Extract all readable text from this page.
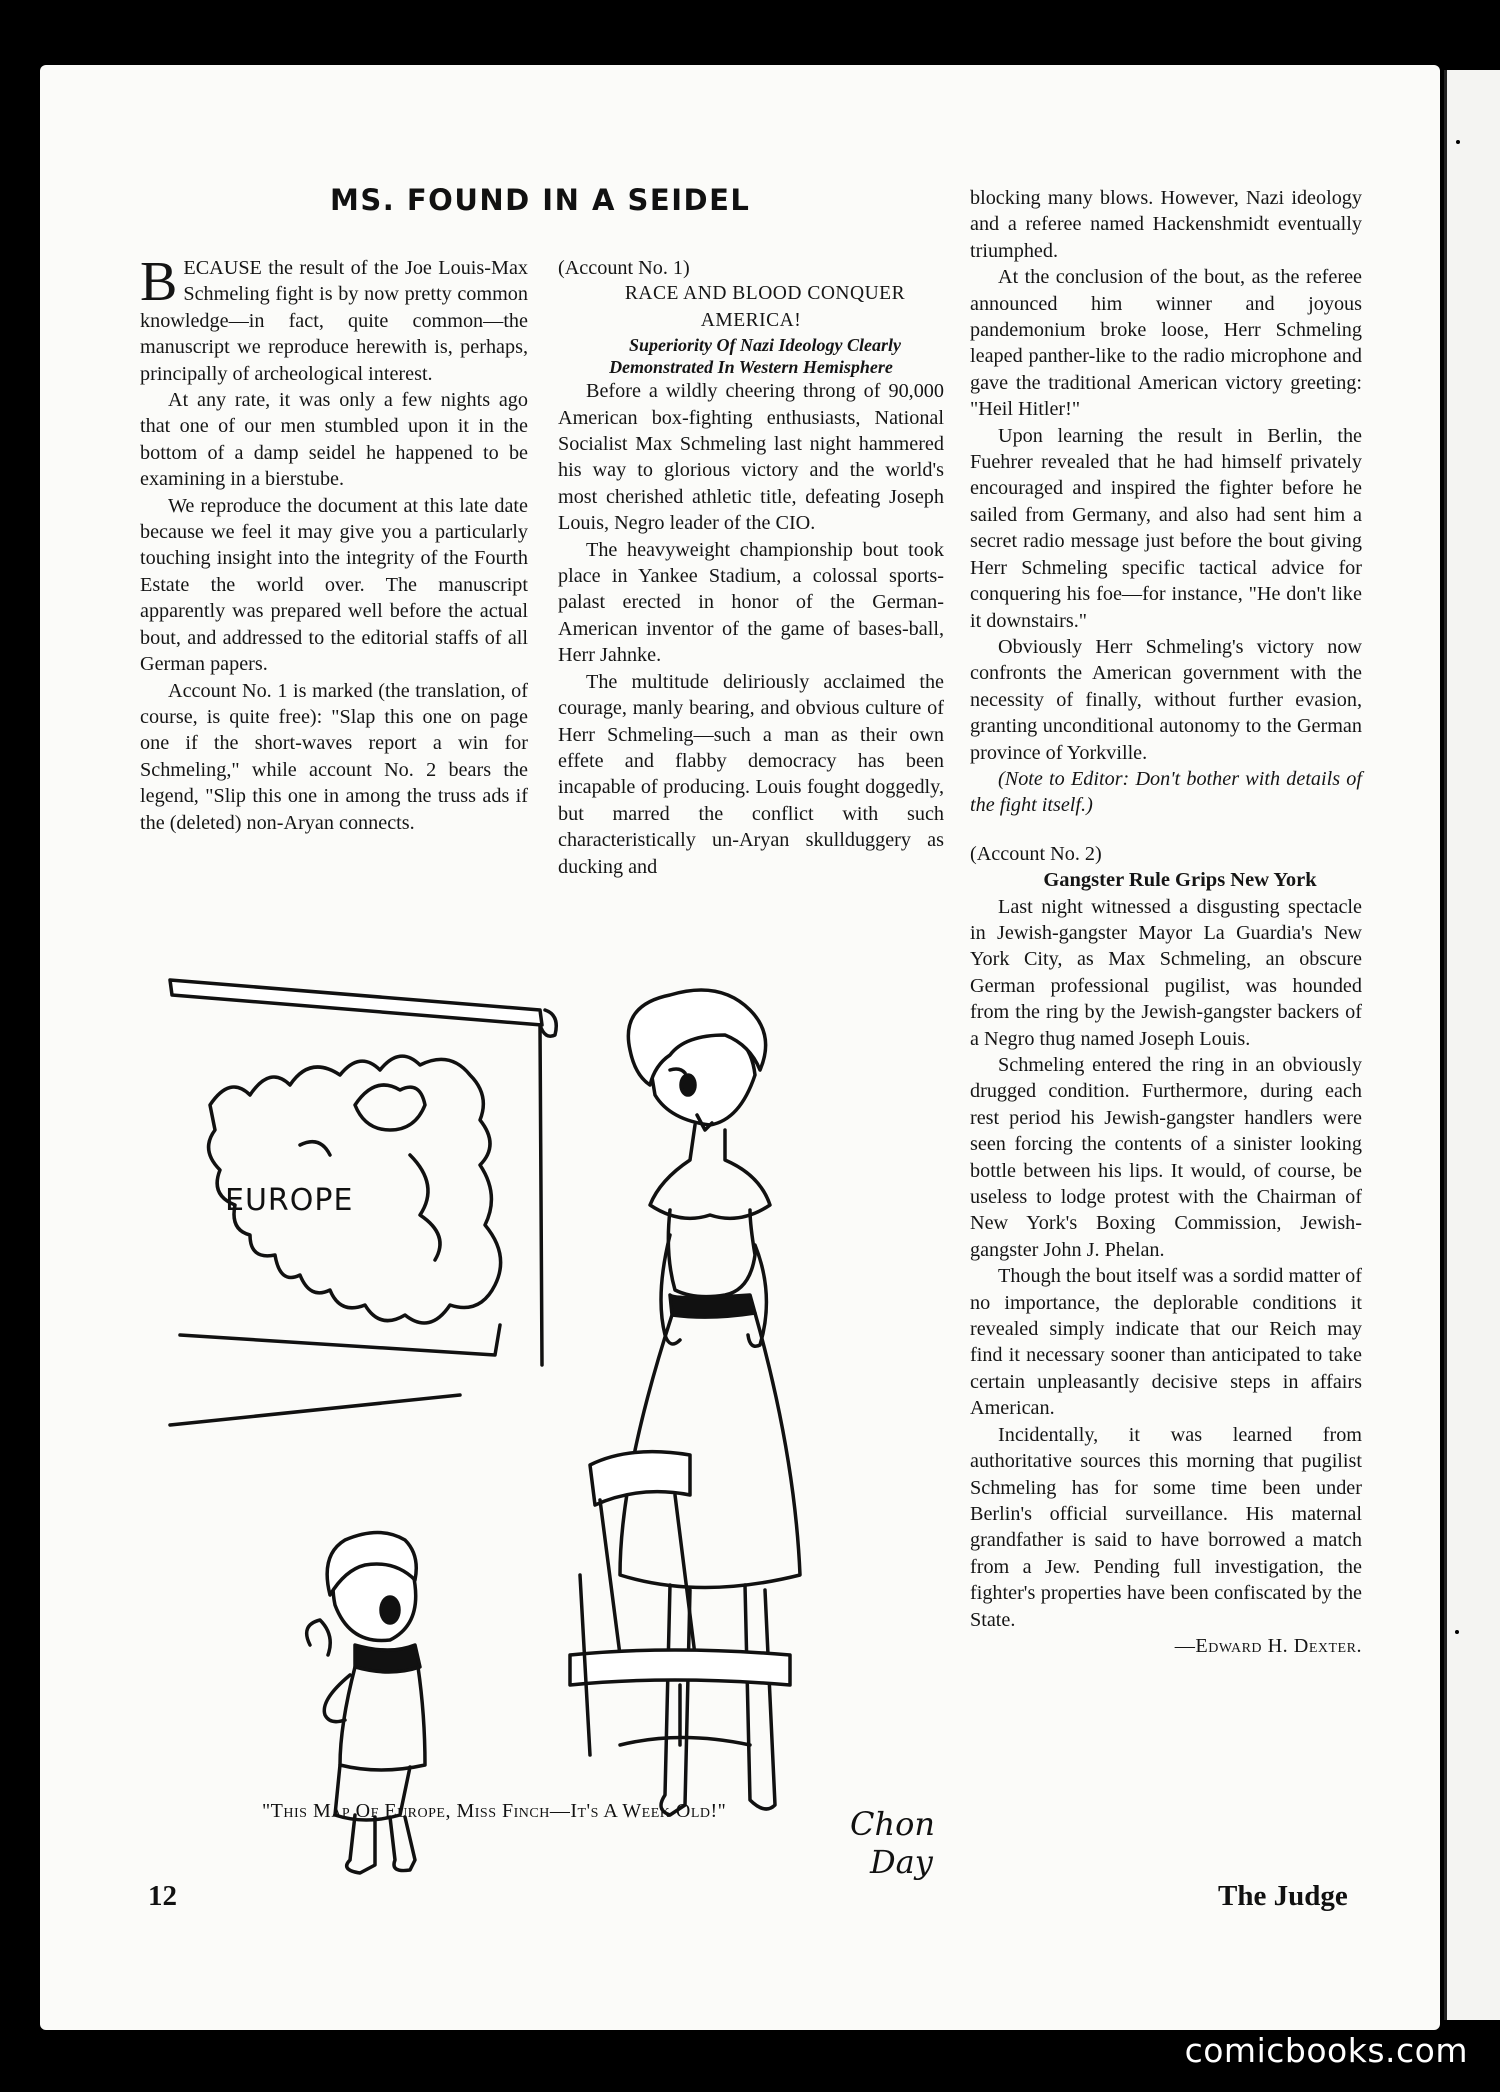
MS. FOUND IN A SEIDEL

BECAUSE the result of the Joe Louis-Max Schmeling fight is by now pretty common knowledge—in fact, quite common—the manuscript we reproduce herewith is, perhaps, principally of archeological interest.

At any rate, it was only a few nights ago that one of our men stumbled upon it in the bottom of a damp seidel he happened to be examining in a bierstube.

We reproduce the document at this late date because we feel it may give you a particularly touching insight into the integrity of the Fourth Estate the world over. The manuscript apparently was prepared well before the actual bout, and addressed to the editorial staffs of all German papers.

Account No. 1 is marked (the translation, of course, is quite free): "Slap this one on page one if the short-waves report a win for Schmeling," while account No. 2 bears the legend, "Slip this one in among the truss ads if the (deleted) non-Aryan connects.

(Account No. 1)

RACE AND BLOOD CONQUER AMERICA!

Superiority Of Nazi Ideology Clearly Demonstrated In Western Hemisphere

Before a wildly cheering throng of 90,000 American box-fighting enthusiasts, National Socialist Max Schmeling last night hammered his way to glorious victory and the world's most cherished athletic title, defeating Joseph Louis, Negro leader of the CIO.

The heavyweight championship bout took place in Yankee Stadium, a colossal sports-palast erected in honor of the German-American inventor of the game of bases-ball, Herr Jahnke.

The multitude deliriously acclaimed the courage, manly bearing, and obvious culture of Herr Schmeling—such a man as their own effete and flabby democracy has been incapable of producing. Louis fought doggedly, but marred the conflict with such characteristically un-Aryan skullduggery as ducking and

blocking many blows. However, Nazi ideology and a referee named Hackenshmidt eventually triumphed.

At the conclusion of the bout, as the referee announced him winner and joyous pandemonium broke loose, Herr Schmeling leaped panther-like to the radio microphone and gave the traditional American victory greeting: "Heil Hitler!"

Upon learning the result in Berlin, the Fuehrer revealed that he had himself privately encouraged and inspired the fighter before he sailed from Germany, and also had sent him a secret radio message just before the bout giving Herr Schmeling specific tactical advice for conquering his foe—for instance, "He don't like it downstairs."

Obviously Herr Schmeling's victory now confronts the American government with the necessity of finally, without further evasion, granting unconditional autonomy to the German province of Yorkville.

(Note to Editor: Don't bother with details of the fight itself.)

(Account No. 2)

Gangster Rule Grips New York

Last night witnessed a disgusting spectacle in Jewish-gangster Mayor La Guardia's New York City, as Max Schmeling, an obscure German professional pugilist, was hounded from the ring by the Jewish-gangster backers of a Negro thug named Joseph Louis.

Schmeling entered the ring in an obviously drugged condition. Furthermore, during each rest period his Jewish-gangster handlers were seen forcing the contents of a sinister looking bottle between his lips. It would, of course, be useless to lodge protest with the Chairman of New York's Boxing Commission, Jewish-gangster John J. Phelan.

Though the bout itself was a sordid matter of no importance, the deplorable conditions it revealed simply indicate that our Reich may find it necessary sooner than anticipated to take certain unpleasantly decisive steps in affairs American.

Incidentally, it was learned from authoritative sources this morning that pugilist Schmeling has for some time been under Berlin's official surveillance. His maternal grandfather is said to have borrowed a match from a Jew. Pending full investigation, the fighter's properties have been confiscated by the State.

—Edward H. Dexter.

EUROPE
Chon
Day
"This Map Of Europe, Miss Finch—It's A Week Old!"
12	The Judge
comicbooks.com
